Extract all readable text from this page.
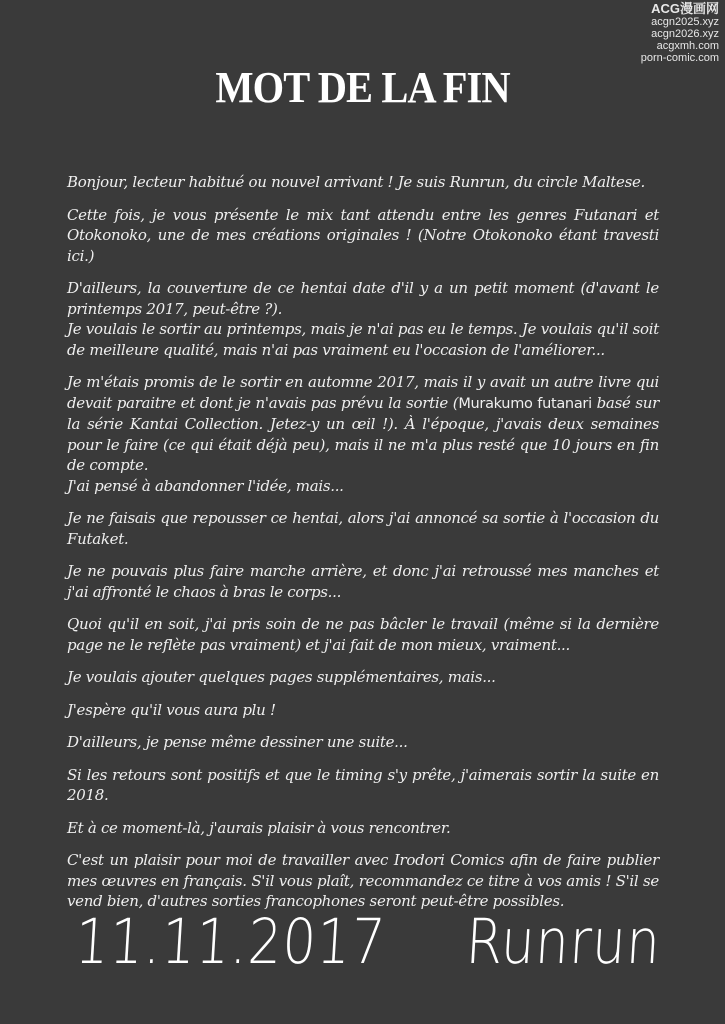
ACG漫画网
acgn2025.xyz
acgn2026.xyz
acgxmh.com
porn-comic.com
MOT DE LA FIN

Bonjour, lecteur habitué ou nouvel arrivant ! Je suis Runrun, du circle Maltese.

Cette fois, je vous présente le mix tant attendu entre les genres Futanari et Otokonoko, une de mes créations originales ! (Notre Otokonoko étant travesti ici.)

D'ailleurs, la couverture de ce hentai date d'il y a un petit moment (d'avant le printemps 2017, peut-être ?).

Je voulais le sortir au printemps, mais je n'ai pas eu le temps. Je voulais qu'il soit de meilleure qualité, mais n'ai pas vraiment eu l'occasion de l'améliorer...

Je m'étais promis de le sortir en automne 2017, mais il y avait un autre livre qui devait paraitre et dont je n'avais pas prévu la sortie (Murakumo futanari basé sur la série Kantai Collection. Jetez-y un œil !). À l'époque, j'avais deux semaines pour le faire (ce qui était déjà peu), mais il ne m'a plus resté que 10 jours en fin de compte.

J'ai pensé à abandonner l'idée, mais...

Je ne faisais que repousser ce hentai, alors j'ai annoncé sa sortie à l'occasion du Futaket.

Je ne pouvais plus faire marche arrière, et donc j'ai retroussé mes manches et j'ai affronté le chaos à bras le corps...

Quoi qu'il en soit, j'ai pris soin de ne pas bâcler le travail (même si la dernière page ne le reflète pas vraiment) et j'ai fait de mon mieux, vraiment...

Je voulais ajouter quelques pages supplémentaires, mais...

J'espère qu'il vous aura plu !

D'ailleurs, je pense même dessiner une suite...

Si les retours sont positifs et que le timing s'y prête, j'aimerais sortir la suite en 2018.

Et à ce moment-là, j'aurais plaisir à vous rencontrer.

C'est un plaisir pour moi de travailler avec Irodori Comics afin de faire publier mes œuvres en français. S'il vous plaît, recommandez ce titre à vos amis ! S'il se vend bien, d'autres sorties francophones seront peut-être possibles.

11.11.2017 Runrun
